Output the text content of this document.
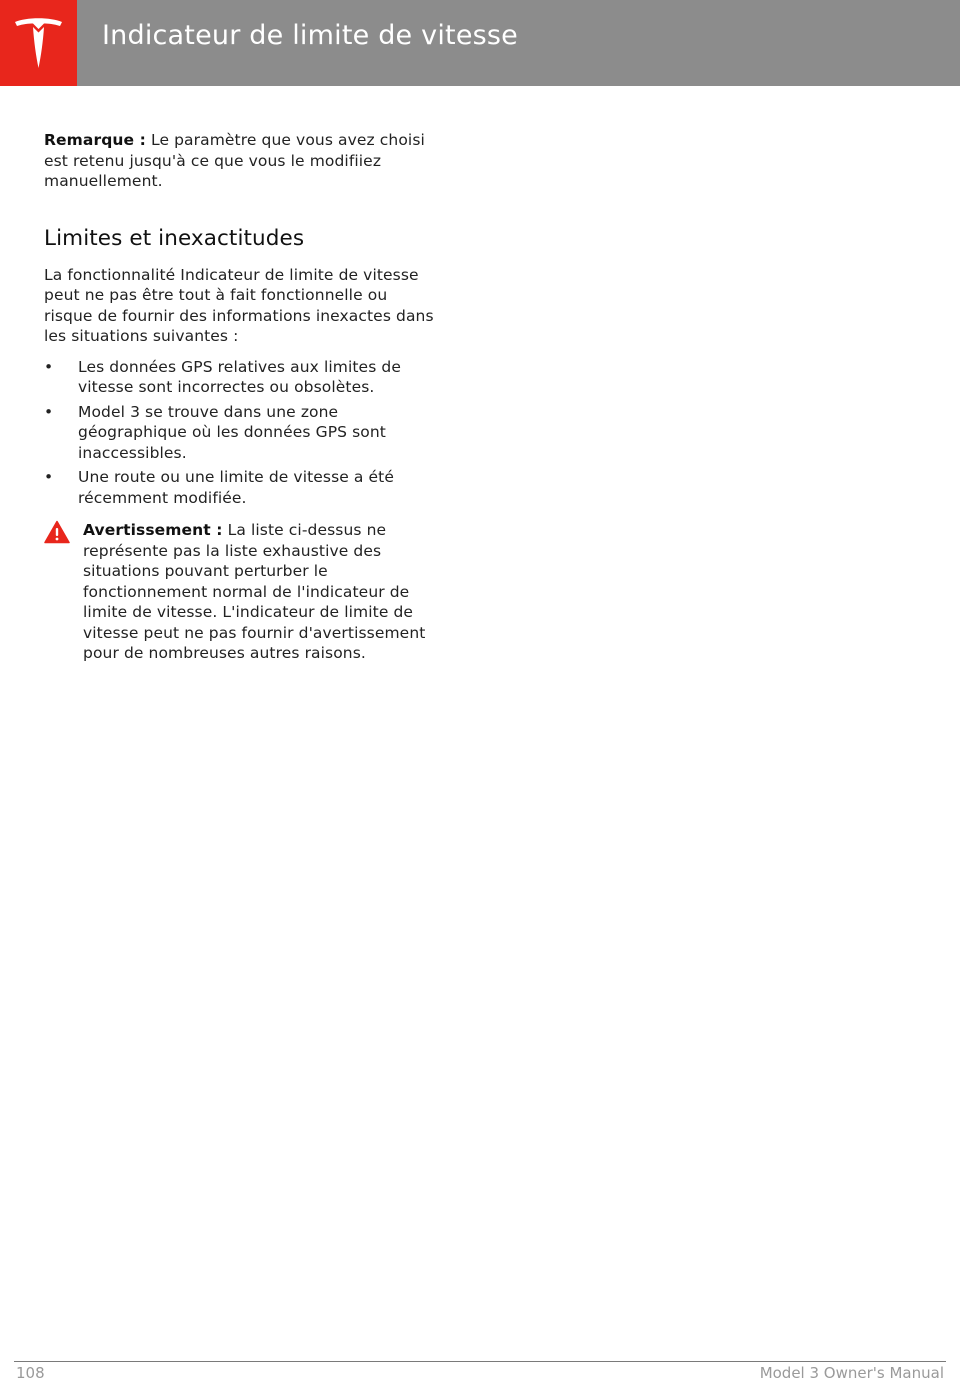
Indicateur de limite de vitesse

Remarque : Le paramètre que vous avez choisi est retenu jusqu'à ce que vous le modifiiez manuellement.

Limites et inexactitudes

La fonctionnalité Indicateur de limite de vitesse peut ne pas être tout à fait fonctionnelle ou risque de fournir des informations inexactes dans les situations suivantes :

• Les données GPS relatives aux limites de vitesse sont incorrectes ou obsolètes.
• Model 3 se trouve dans une zone géographique où les données GPS sont inaccessibles.
• Une route ou une limite de vitesse a été récemment modifiée.

Avertissement : La liste ci-dessus ne représente pas la liste exhaustive des situations pouvant perturber le fonctionnement normal de l'indicateur de limite de vitesse. L'indicateur de limite de vitesse peut ne pas fournir d'avertissement pour de nombreuses autres raisons.

108	Model 3 Owner's Manual
